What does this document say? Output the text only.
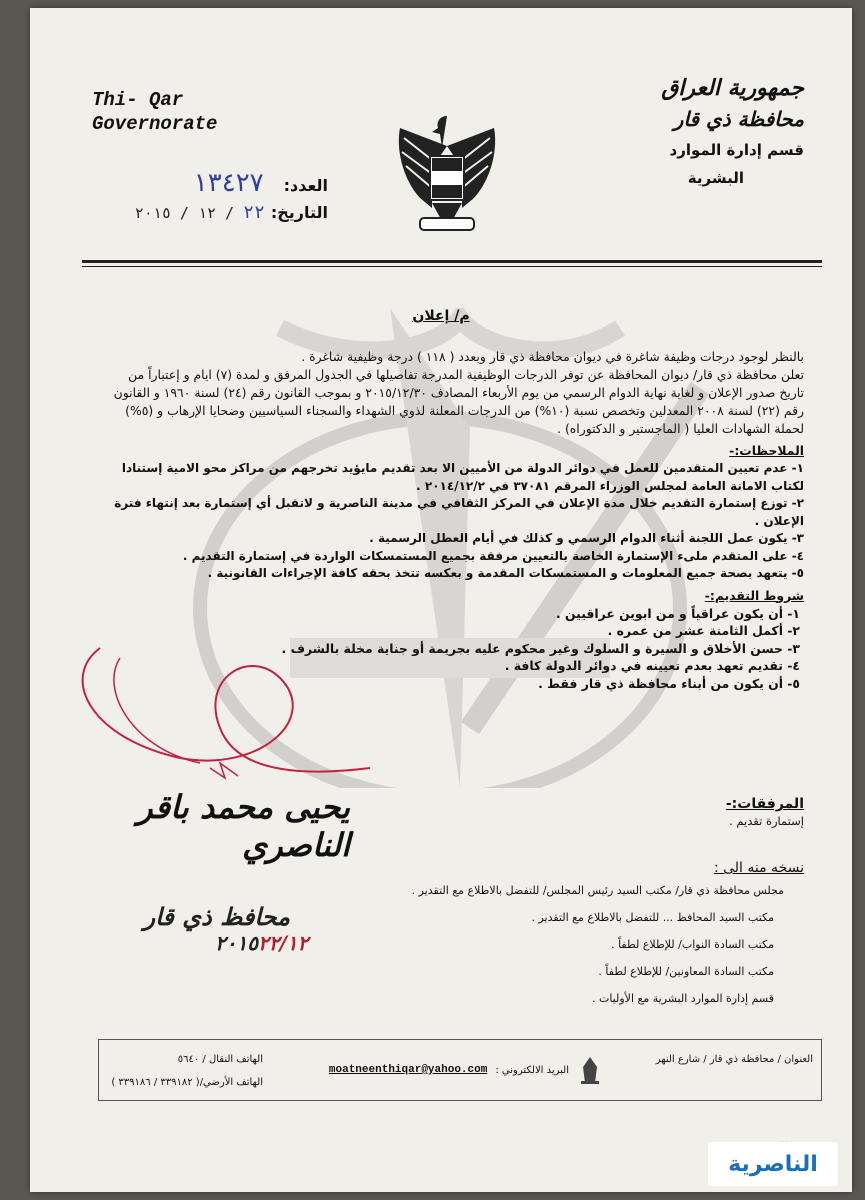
Thi- Qar
Governorate
جمهورية العراق
محافظة ذي قار
قسم إدارة الموارد
البشرية
العدد:
١٣٤٢٧
التاريخ:
٢٢ / ١٢ / ٢٠١٥
م/ إعلان

بالنظر لوجود درجات وظيفة شاغرة في ديوان محافظة ذي قار وبعدد ( ١١٨ ) درجة وظيفية شاغرة .

تعلن محافظة ذي قار/ ديوان المحافظة عن توفر الدرجات الوظيفية المدرجة تفاصيلها في الجدول المرفق و لمدة (٧) ايام و إعتباراً من تاريخ صدور الإعلان و لغاية نهاية الدوام الرسمي من يوم الأربعاء المصادف ٢٠١٥/١٢/٣٠ و بموجب القانون رقم (٢٤) لسنة ١٩٦٠ و القانون رقم (٢٢) لسنة ٢٠٠٨ المعدلين وتخصص نسبة (١٠%) من الدرجات المعلنة لذوي الشهداء والسجناء السياسيين وضحايا الإرهاب و (٥%) لحملة الشهادات العليا ( الماجستير و الدكتوراه) .

الملاحظات:-
١- عدم تعيين المتقدمين للعمل في دوائر الدولة من الأميين الا بعد تقديم مايؤيد تخرجهم من مراكز محو الامية إستنادا لكتاب الامانة العامة لمجلس الوزراء المرقم ٣٧٠٨١ في ٢٠١٤/١٢/٢ .
٢- توزع إستمارة التقديم خلال مدة الإعلان في المركز الثقافي في مدينة الناصرية و لاتقبل أي إستمارة بعد إنتهاء فترة الإعلان .
٣- يكون عمل اللجنة أثناء الدوام الرسمي و كذلك في أيام العطل الرسمية .
٤- على المتقدم ملىء الإستمارة الخاصة بالتعيين مرفقة بجميع المستمسكات الواردة في إستمارة التقديم .
٥- يتعهد بصحة جميع المعلومات و المستمسكات المقدمة و بعكسه تتخذ بحقه كافة الإجراءات القانونية .
شروط التقديم:-
١- أن يكون عراقياً و من ابوين عراقيين .
٢- أكمل الثامنة عشر من عمره .
٣- حسن الأخلاق و السيرة و السلوك وغير محكوم عليه بجريمة أو جناية مخلة بالشرف .
٤- تقديم تعهد بعدم تعيينه في دوائر الدولة كافة .
٥- أن يكون من أبناء محافظة ذي قار فقط .
يحيى محمد باقر الناصري
محافظ ذي قار
٢٠١٥٢٢/١٢
المرفقات:-
إستمارة تقديم .
نسخه منه الى :
مجلس محافظة ذي قار/ مكتب السيد رئيس المجلس/ للتفضل بالاطلاع مع التقدير .
مكتب السيد المحافظ ... للتفضل بالاطلاع مع التقدير .
مكتب السادة النواب/ للإطلاع لطفاً .
مكتب السادة المعاونين/ للإطلاع لطفاً .
قسم إدارة الموارد البشرية مع الأوليات .
العنوان / محافظة ذي قار / شارع النهر
البريد الالكتروني :
moatneenthiqar@yahoo.com
الهاتف النقال / ٥٦٤٠
الهاتف الأرضي/( ٣٣٩١٨٢ / ٣٣٩١٨٦ )
الناصرية
